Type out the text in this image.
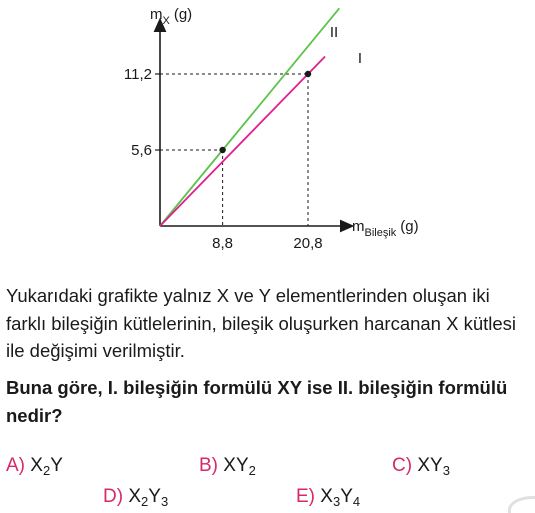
8,8	20,8
5,6
11,2
$m_X$ (g)
$m_{Bileşik}$ (g)
I
II
Yukarıdaki grafikte yalnız X ve Y elementlerinden oluşan iki farklı bileşiğin kütlelerinin, bileşik oluşurken harcanan X kütlesi ile değişimi verilmiştir.
Buna göre, I. bileşiğin formülü XY ise II. bileşiğin formülü nedir?
A) $X_2Y$	B) $XY_2$	C) $XY_3$
D) $X_2Y_3$	E) $X_3Y_4$
